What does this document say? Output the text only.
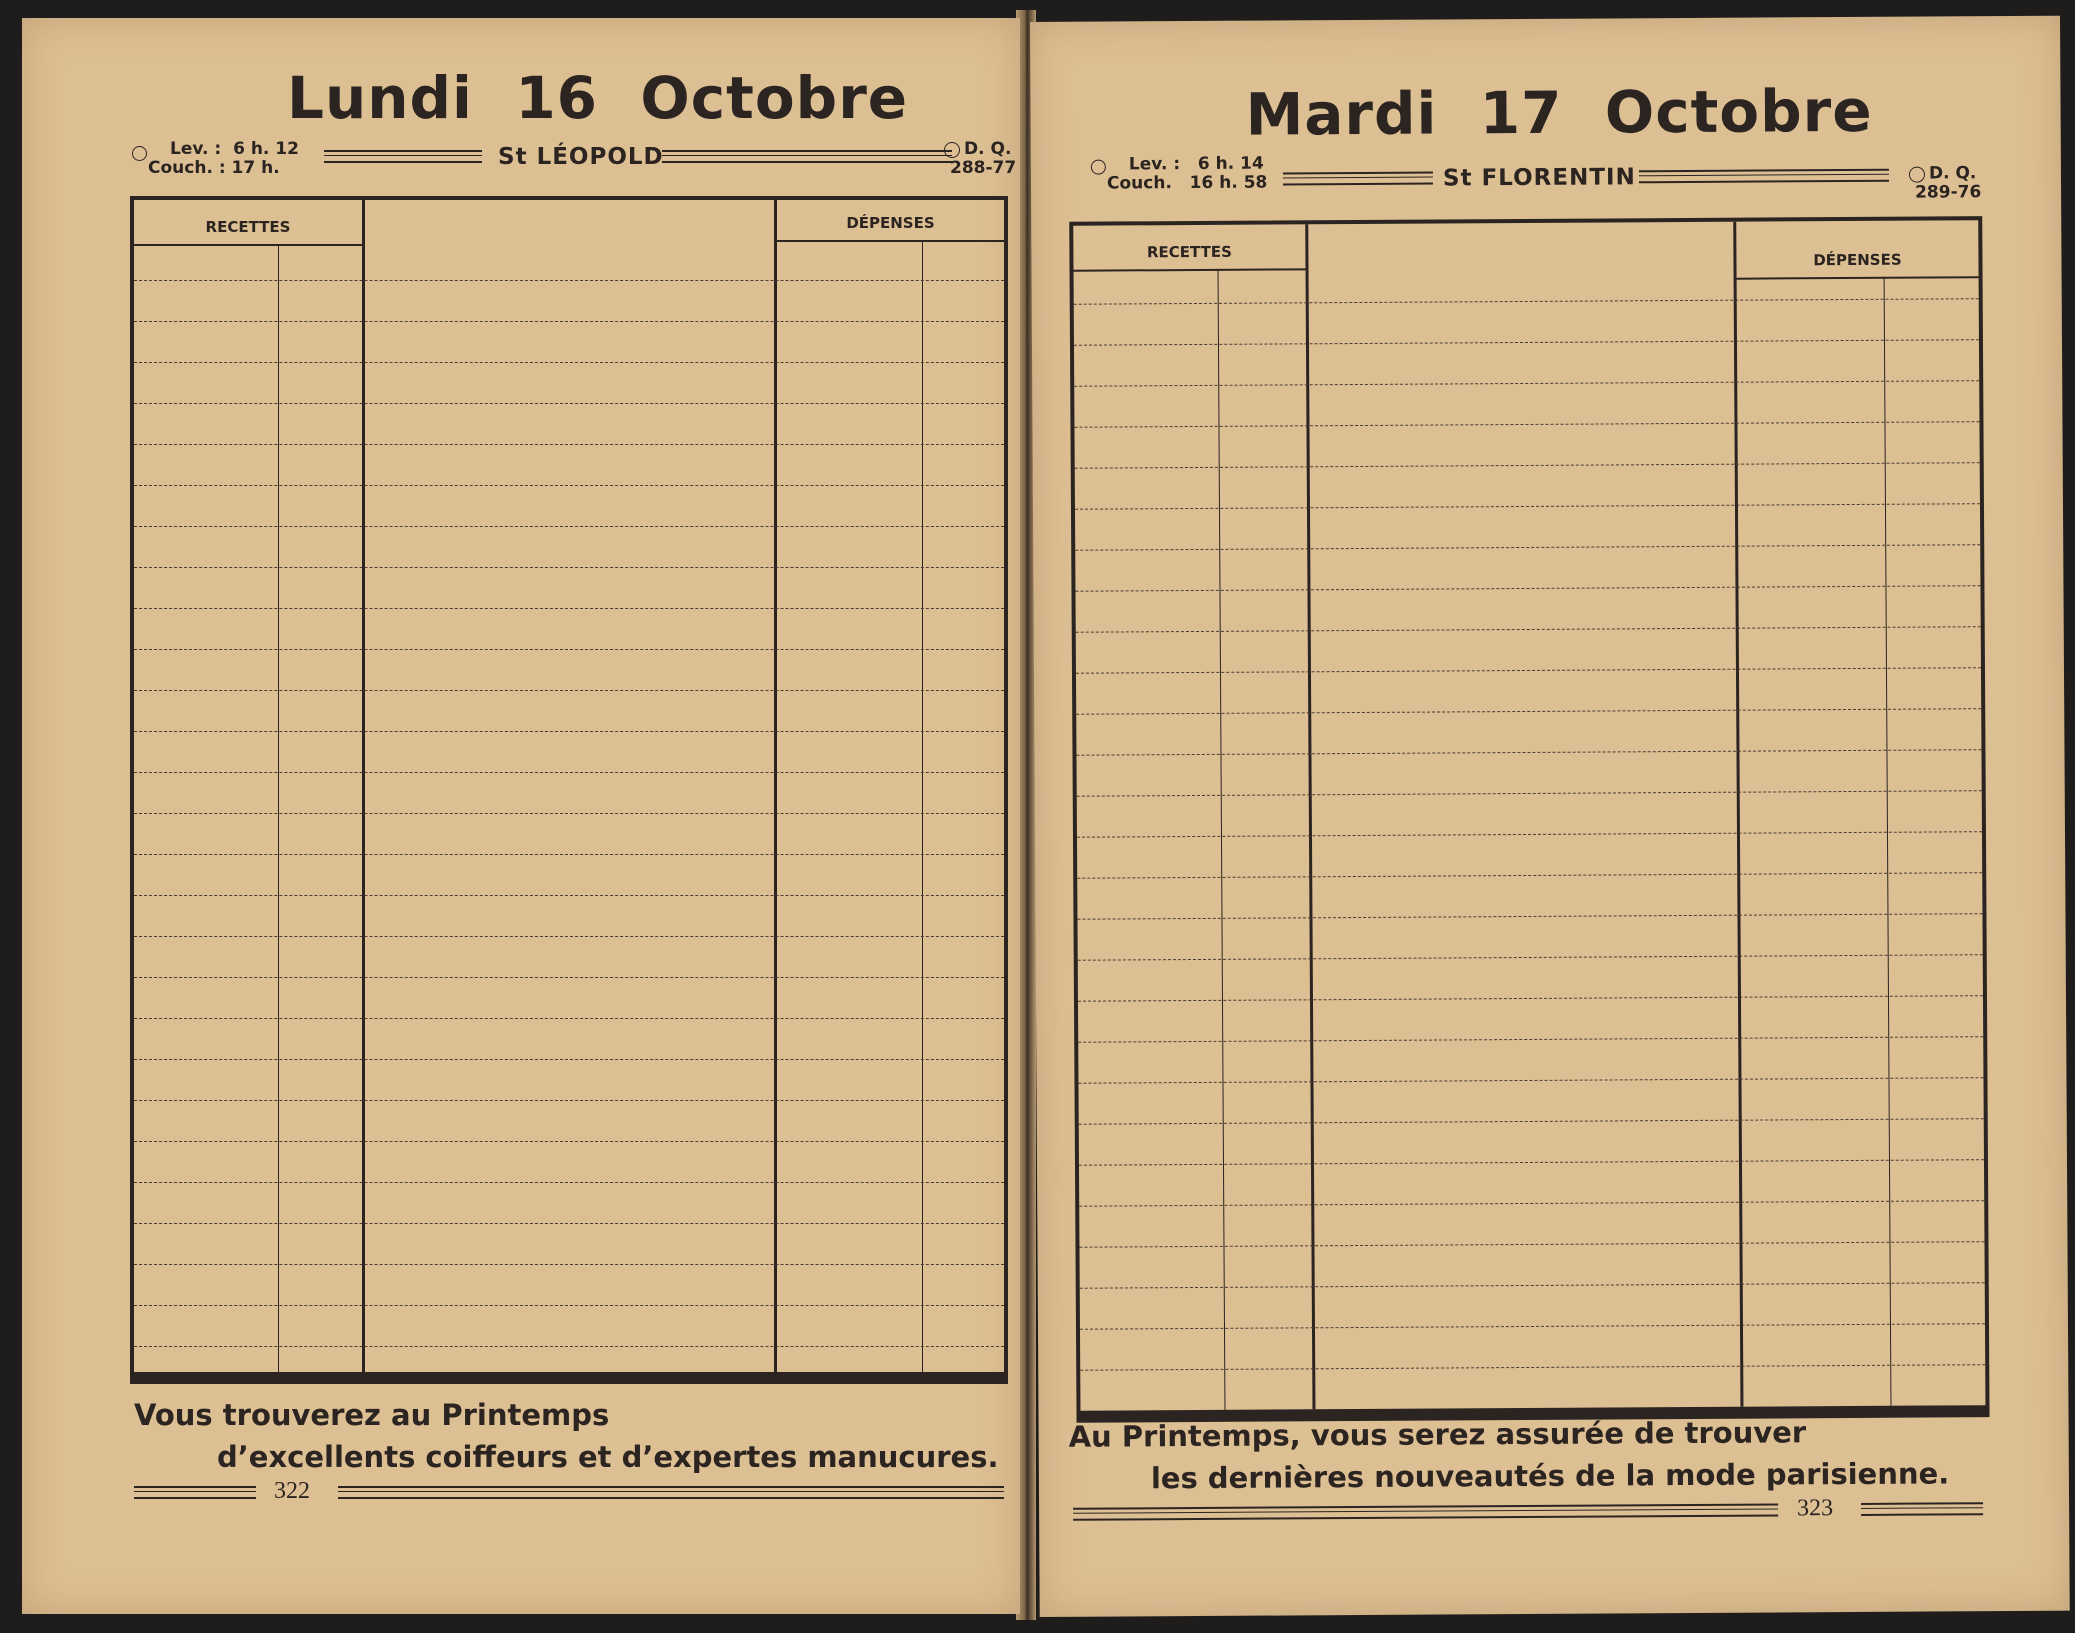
Lundi  16  Octobre
Lev. :  6 h. 12
Couch. : 17 h.	St LÉOPOLD	D. Q.
288-77
RECETTES	DÉPENSES
Vous trouverez au Printemps
d’excellents coiffeurs et d’expertes manucures.
322
Mardi  17  Octobre
Lev. :   6 h. 14
Couch.   16 h. 58	St FLORENTIN	D. Q.
289-76
RECETTES	DÉPENSES
Au Printemps, vous serez assurée de trouver
les dernières nouveautés de la mode parisienne.
323
